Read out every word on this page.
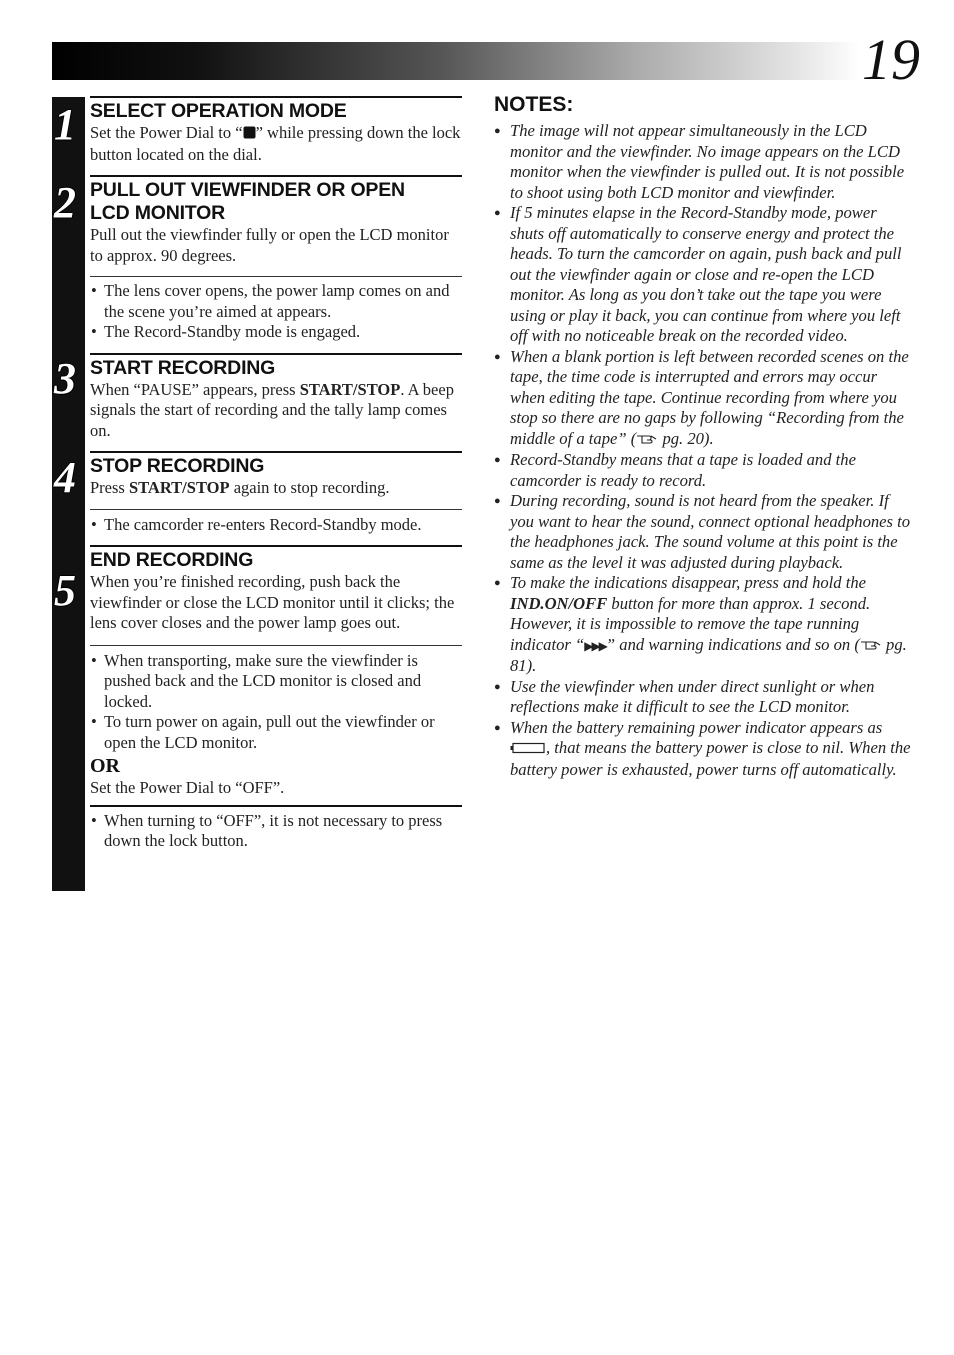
19
1
2
3
4
5
SELECT OPERATION MODE
Set the Power Dial to “ ” while pressing down the lock button located on the dial.
PULL OUT VIEWFINDER OR OPEN
LCD MONITOR
Pull out the viewfinder fully or open the LCD monitor to approx. 90 degrees.
• The lens cover opens, the power lamp comes on and the scene you’re aimed at appears.
• The Record-Standby mode is engaged.
START RECORDING
When “PAUSE” appears, press START/STOP. A beep signals the start of recording and the tally lamp comes on.
STOP RECORDING
Press START/STOP again to stop recording.
• The camcorder re-enters Record-Standby mode.
END RECORDING
When you’re finished recording, push back the viewfinder or close the LCD monitor until it clicks; the lens cover closes and the power lamp goes out.
• When transporting, make sure the viewfinder is pushed back and the LCD monitor is closed and locked.
• To turn power on again, pull out the viewfinder or open the LCD monitor.
OR
Set the Power Dial to “OFF”.
• When turning to “OFF”, it is not necessary to press down the lock button.
NOTES:
● The image will not appear simultaneously in the LCD monitor and the viewfinder. No image appears on the LCD monitor when the viewfinder is pulled out. It is not possible to shoot using both LCD monitor and viewfinder.
● If 5 minutes elapse in the Record-Standby mode, power shuts off automatically to conserve energy and protect the heads. To turn the camcorder on again, push back and pull out the viewfinder again or close and re-open the LCD monitor. As long as you don’t take out the tape you were using or play it back, you can continue from where you left off with no noticeable break on the recorded video.
● When a blank portion is left between recorded scenes on the tape, the time code is interrupted and errors may occur when editing the tape. Continue recording from where you stop so there are no gaps by following “Recording from the middle of a tape” ( pg. 20).
● Record-Standby means that a tape is loaded and the camcorder is ready to record.
● During recording, sound is not heard from the speaker. If you want to hear the sound, connect optional headphones to the headphones jack. The sound volume at this point is the same as the level it was adjusted during playback.
● To make the indications disappear, press and hold the IND.ON/OFF button for more than approx. 1 second. However, it is impossible to remove the tape running indicator “▶▶▶” and warning indications and so on ( pg. 81).
● Use the viewfinder when under direct sunlight or when reflections make it difficult to see the LCD monitor.
● When the battery remaining power indicator appears as , that means the battery power is close to nil. When the battery power is exhausted, power turns off automatically.
